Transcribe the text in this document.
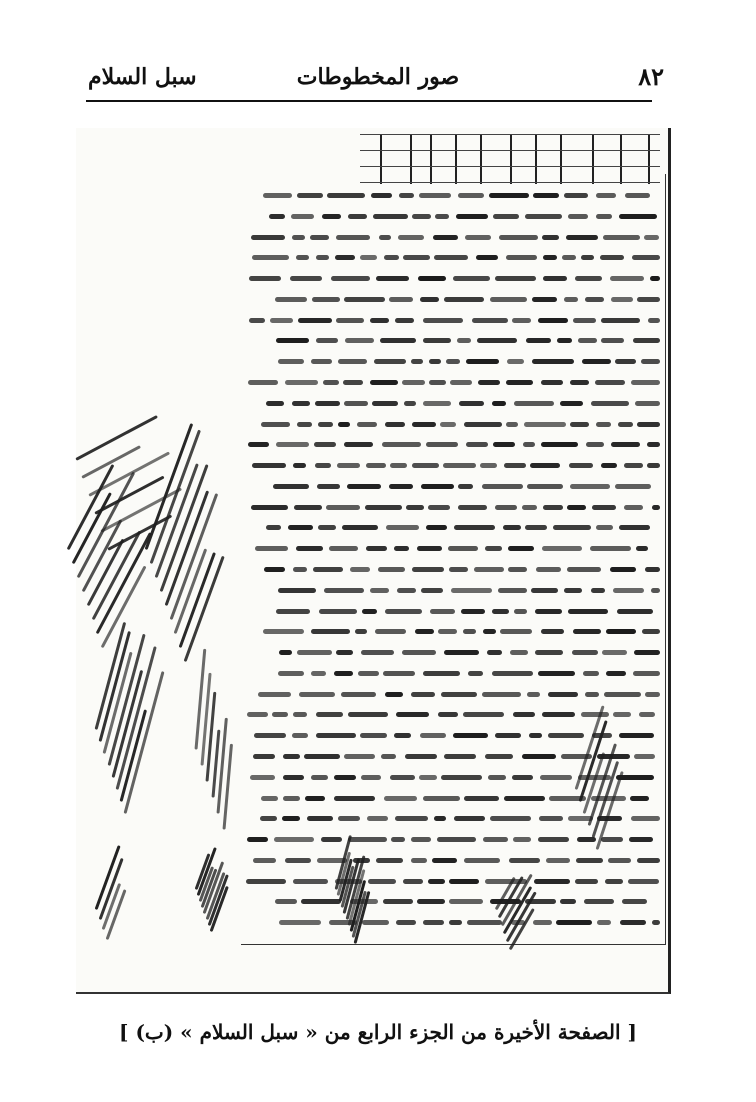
٨٢
صور المخطوطات
سبل السلام
[ الصفحة الأخيرة من الجزء الرابع من « سبل السلام » (ب) ]
